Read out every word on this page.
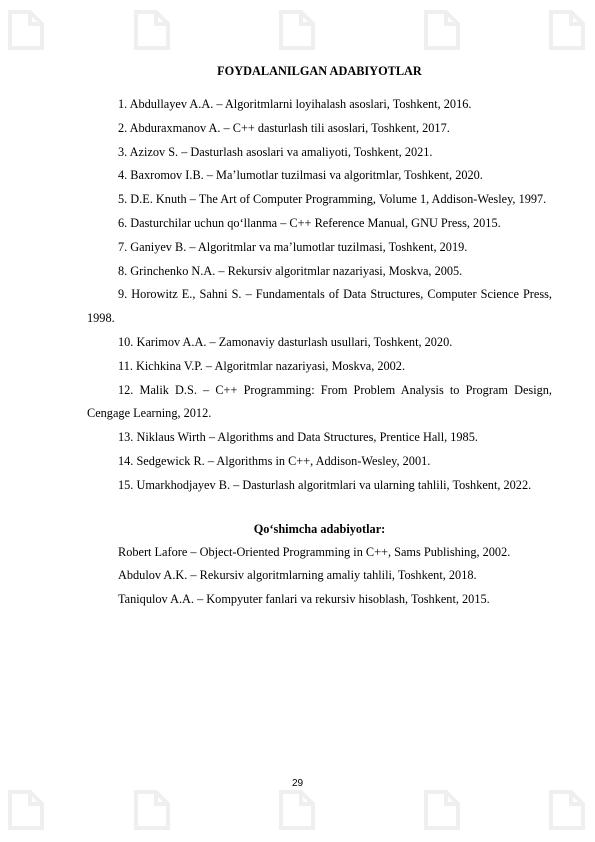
FOYDALANILGAN ADABIYOTLAR

1. Abdullayev A.A. – Algoritmlarni loyihalash asoslari, Toshkent, 2016.

2. Abduraxmanov A. – C++ dasturlash tili asoslari, Toshkent, 2017.

3. Azizov S. – Dasturlash asoslari va amaliyoti, Toshkent, 2021.

4. Baxromov I.B. – Ma’lumotlar tuzilmasi va algoritmlar, Toshkent, 2020.

5. D.E. Knuth – The Art of Computer Programming, Volume 1, Addison-Wesley, 1997.

6. Dasturchilar uchun qo‘llanma – C++ Reference Manual, GNU Press, 2015.

7. Ganiyev B. – Algoritmlar va ma’lumotlar tuzilmasi, Toshkent, 2019.

8. Grinchenko N.A. – Rekursiv algoritmlar nazariyasi, Moskva, 2005.

9. Horowitz E., Sahni S. – Fundamentals of Data Structures, Computer Science Press, 1998.

10. Karimov A.A. – Zamonaviy dasturlash usullari, Toshkent, 2020.

11. Kichkina V.P. – Algoritmlar nazariyasi, Moskva, 2002.

12. Malik D.S. – C++ Programming: From Problem Analysis to Program Design, Cengage Learning, 2012.

13. Niklaus Wirth – Algorithms and Data Structures, Prentice Hall, 1985.

14. Sedgewick R. – Algorithms in C++, Addison-Wesley, 2001.

15. Umarkhodjayev B. – Dasturlash algoritmlari va ularning tahlili, Toshkent, 2022.

Qo‘shimcha adabiyotlar:

Robert Lafore – Object-Oriented Programming in C++, Sams Publishing, 2002.

Abdulov A.K. – Rekursiv algoritmlarning amaliy tahlili, Toshkent, 2018.

Taniqulov A.A. – Kompyuter fanlari va rekursiv hisoblash, Toshkent, 2015.

29
